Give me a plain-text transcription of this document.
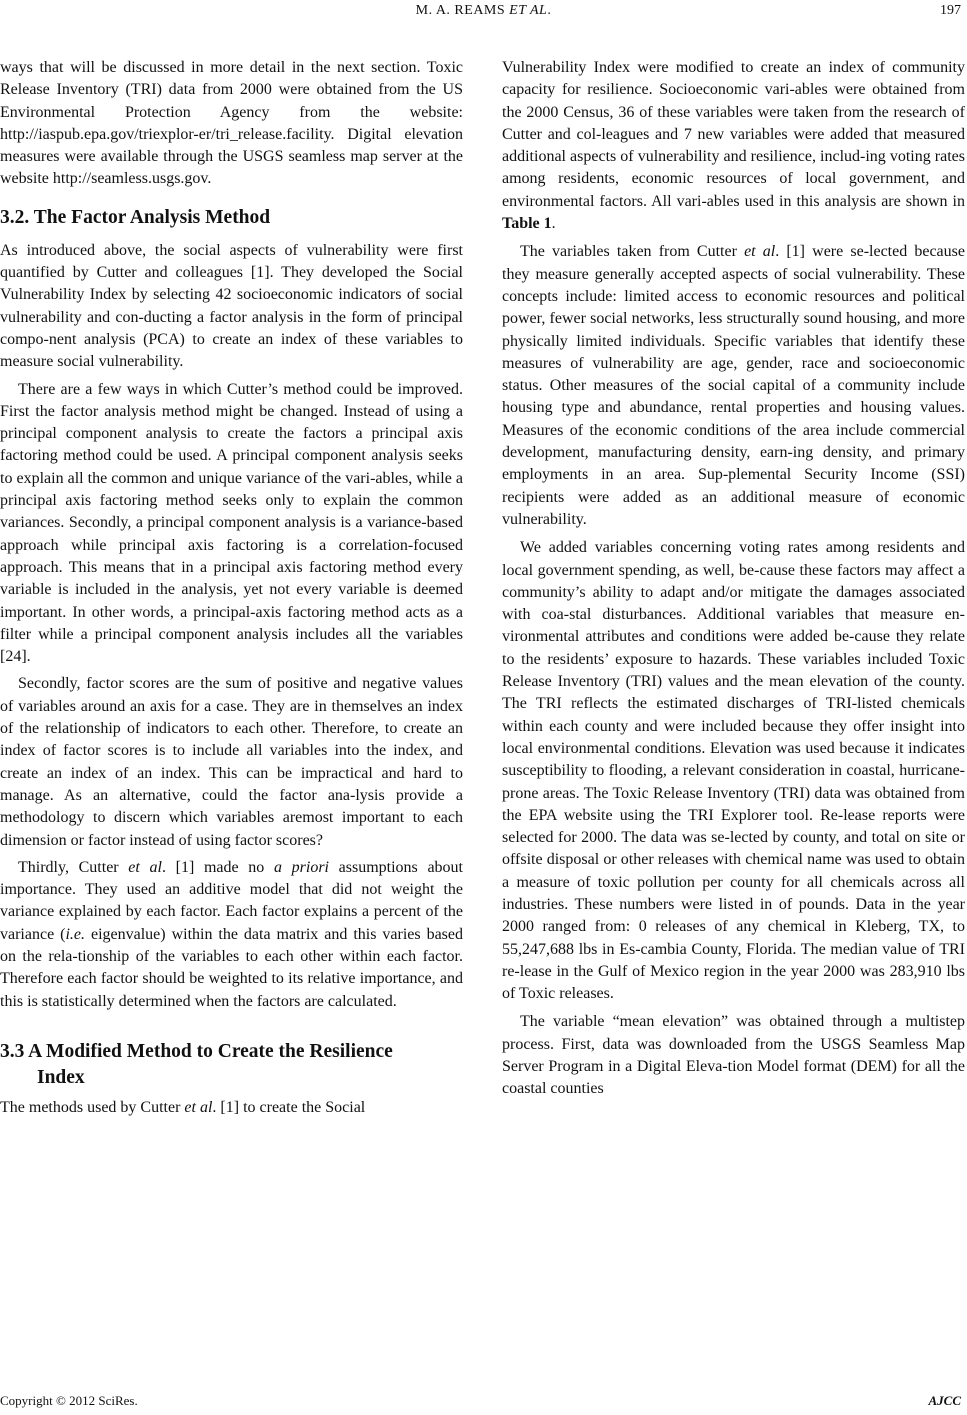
M. A. REAMS ET AL.	197

ways that will be discussed in more detail in the next section. Toxic Release Inventory (TRI) data from 2000 were obtained from the US Environmental Protection Agency from the website: http://iaspub.epa.gov/triexplor-er/tri_release.facility. Digital elevation measures were available through the USGS seamless map server at the website http://seamless.usgs.gov.

3.2. The Factor Analysis Method

As introduced above, the social aspects of vulnerability were first quantified by Cutter and colleagues [1]. They developed the Social Vulnerability Index by selecting 42 socioeconomic indicators of social vulnerability and con-ducting a factor analysis in the form of principal compo-nent analysis (PCA) to create an index of these variables to measure social vulnerability.

There are a few ways in which Cutter’s method could be improved. First the factor analysis method might be changed. Instead of using a principal component analysis to create the factors a principal axis factoring method could be used. A principal component analysis seeks to explain all the common and unique variance of the vari-ables, while a principal axis factoring method seeks only to explain the common variances. Secondly, a principal component analysis is a variance-based approach while principal axis factoring is a correlation-focused approach. This means that in a principal axis factoring method every variable is included in the analysis, yet not every variable is deemed important. In other words, a principal-axis factoring method acts as a filter while a principal component analysis includes all the variables [24].

Secondly, factor scores are the sum of positive and negative values of variables around an axis for a case. They are in themselves an index of the relationship of indicators to each other. Therefore, to create an index of factor scores is to include all variables into the index, and create an index of an index. This can be impractical and hard to manage. As an alternative, could the factor ana-lysis provide a methodology to discern which variables aremost important to each dimension or factor instead of using factor scores?

Thirdly, Cutter et al. [1] made no a priori assumptions about importance. They used an additive model that did not weight the variance explained by each factor. Each factor explains a percent of the variance (i.e. eigenvalue) within the data matrix and this varies based on the rela-tionship of the variables to each other within each factor. Therefore each factor should be weighted to its relative importance, and this is statistically determined when the factors are calculated.

3.3 A Modified Method to Create the Resilience
Index

The methods used by Cutter et al. [1] to create the Social

Vulnerability Index were modified to create an index of community capacity for resilience. Socioeconomic vari-ables were obtained from the 2000 Census, 36 of these variables were taken from the research of Cutter and col-leagues and 7 new variables were added that measured additional aspects of vulnerability and resilience, includ-ing voting rates among residents, economic resources of local government, and environmental factors. All vari-ables used in this analysis are shown in Table 1.

The variables taken from Cutter et al. [1] were se-lected because they measure generally accepted aspects of social vulnerability. These concepts include: limited access to economic resources and political power, fewer social networks, less structurally sound housing, and more physically limited individuals. Specific variables that identify these measures of vulnerability are age, gender, race and socioeconomic status. Other measures of the social capital of a community include housing type and abundance, rental properties and housing values. Measures of the economic conditions of the area include commercial development, manufacturing density, earn-ing density, and primary employments in an area. Sup-plemental Security Income (SSI) recipients were added as an additional measure of economic vulnerability.

We added variables concerning voting rates among residents and local government spending, as well, be-cause these factors may affect a community’s ability to adapt and/or mitigate the damages associated with coa-stal disturbances. Additional variables that measure en-vironmental attributes and conditions were added be-cause they relate to the residents’ exposure to hazards. These variables included Toxic Release Inventory (TRI) values and the mean elevation of the county. The TRI reflects the estimated discharges of TRI-listed chemicals within each county and were included because they offer insight into local environmental conditions. Elevation was used because it indicates susceptibility to flooding, a relevant consideration in coastal, hurricane-prone areas. The Toxic Release Inventory (TRI) data was obtained from the EPA website using the TRI Explorer tool. Re-lease reports were selected for 2000. The data was se-lected by county, and total on site or offsite disposal or other releases with chemical name was used to obtain a measure of toxic pollution per county for all chemicals across all industries. These numbers were listed in of pounds. Data in the year 2000 ranged from: 0 releases of any chemical in Kleberg, TX, to 55,247,688 lbs in Es-cambia County, Florida. The median value of TRI re-lease in the Gulf of Mexico region in the year 2000 was 283,910 lbs of Toxic releases.

The variable “mean elevation” was obtained through a multistep process. First, data was downloaded from the USGS Seamless Map Server Program in a Digital Eleva-tion Model format (DEM) for all the coastal counties

Copyright © 2012 SciRes.	AJCC
